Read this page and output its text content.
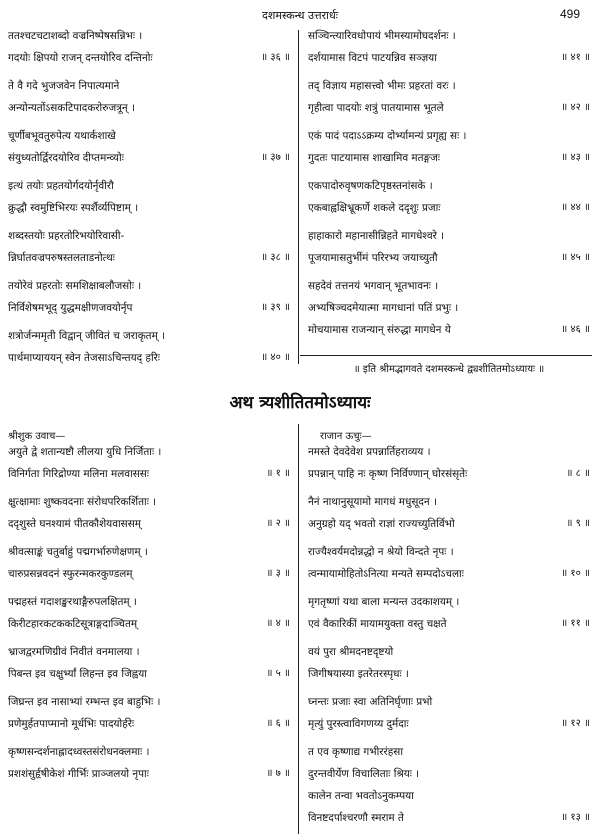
दशमस्कन्ध उत्तरार्धः	499
ततश्चटचटाशब्दो वज्रनिष्पेषसन्निभः ।
गदयोः क्षिपयो राजन् दन्तयोरिव दन्तिनोः	॥ ३६ ॥
ते वै गदे भुजजवेन निपात्यमाने
अन्योन्यतोंऽसकटिपादकरोरुजत्रून् ।
चूर्णीबभूवतुरुपेत्य यथार्कशाखे
संयुध्यतोर्द्विरदयोरिव दीप्तमन्व्योः	॥ ३७ ॥
इत्थं तयोः प्रहतयोर्गदयोर्नृवीरौ
क्रुद्धौ स्वमुष्टिभिरयः स्पर्शैर्व्यपिष्टाम् ।
शब्दस्तयोः प्रहरतोरिभयोरिवासी-
न्निर्घातवज्रपरुषस्तलताडनोत्थः	॥ ३८ ॥
तयोरेवं प्रहरतोः समशिक्षाबलौजसोः ।
निर्विशेषमभूद् युद्धमक्षीणजवयोर्नृप	॥ ३९ ॥
शत्रोर्जन्ममृती विद्वान् जीवितं च जराकृतम् ।
पार्थमाप्याययन् स्वेन तेजसाऽचिन्तयद् हरिः	॥ ४० ॥
सञ्चिन्त्यारिवधोपायं भीमस्यामोघदर्शनः ।
दर्शयामास विटपं पाटयन्निव सञ्ज्ञया	॥ ४१ ॥
तद् विज्ञाय महासत्त्वो भीमः प्रहरतां वरः ।
गृहीत्वा पादयोः शत्रुं पातयामास भूतले	॥ ४२ ॥
एकं पादं पदाऽऽक्रम्य दोर्भ्यामन्यं प्रगृह्य सः ।
गुदतः पाटयामास शाखामिव मतङ्गजः	॥ ४३ ॥
एकपादोरुवृषणकटिपृष्ठस्तनांसके ।
एकबाह्वक्षिभ्रूकर्णे शकले ददृशुः प्रजाः	॥ ४४ ॥
हाहाकारो महानासीन्निहते मागधेश्वरे ।
पूजयामासतुर्भीमं परिरभ्य जयाच्युतौ	॥ ४५ ॥
सहदेवं तत्तनयं भगवान् भूतभावनः ।
अभ्यषिञ्चदमेयात्मा मागधानां पतिं प्रभुः ।
मोचयामास राजन्यान् संरुद्धा मागधेन ये	॥ ४६ ॥
॥ इति श्रीमद्भागवते दशमस्कन्धे द्व्यशीतितमोऽध्यायः ॥
अथ त्र्यशीतितमोऽध्यायः
श्रीशुक उवाच—	राजान ऊचुः—
अयुते द्वे शतान्यष्टौ लीलया युधि निर्जिताः ।
विनिर्गता गिरिद्रोण्या मलिना मलवाससः	॥ १ ॥
क्षुत्क्षामाः शुष्कवदनाः संरोधपरिकर्शिताः ।
ददृशुस्ते घनश्यामं पीतकौशेयवाससम्	॥ २ ॥
श्रीवत्साङ्कं चतुर्बाहुं पद्मगर्भारुणेक्षणम् ।
चारुप्रसन्नवदनं स्फुरन्मकरकुण्डलम्	॥ ३ ॥
पद्महस्तं गदाशङ्खरथाङ्गैरुपलक्षितम् ।
किरीटहारकटककटिसूत्राङ्गदाञ्चितम्	॥ ४ ॥
भ्राजद्वरमणिग्रीवं निवीतं वनमालया ।
पिबन्त इव चक्षुर्भ्यां लिहन्त इव जिह्वया	॥ ५ ॥
जिघ्रन्त इव नासाभ्यां रम्भन्त इव बाहुभिः ।
प्रणेमुर्हतपाप्मानो मूर्धभिः पादयोर्हरेः	॥ ६ ॥
कृष्णसन्दर्शनाह्लादध्वस्तसंरोधनक्लमाः ।
प्रशशंसुर्हृषीकेशं गीर्भिः प्राञ्जलयो नृपाः	॥ ७ ॥
नमस्ते देवदेवेश प्रपन्नार्तिहराव्यय ।
प्रपन्नान् पाहि नः कृष्ण निर्विण्णान् घोरसंसृतेः	॥ ८ ॥
नैनं नाथानुसूयामो मागधं मधुसूदन ।
अनुग्रहो यद् भवतो राज्ञां राज्यच्युतिर्विभो	॥ ९ ॥
राज्यैश्वर्यमदोन्नद्धो न श्रेयो विन्दते नृपः ।
त्वन्मायामोहितोऽनित्या मन्यते सम्पदोऽचलाः	॥ १० ॥
मृगतृष्णां यथा बाला मन्यन्त उदकाशयम् ।
एवं वैकारिकीं मायामयुक्ता वस्तु चक्षते	॥ ११ ॥
वयं पुरा श्रीमदनष्टदृष्टयो
जिगीषयास्या इतरेतरस्पृधः ।
घ्नन्तः प्रजाः स्वा अतिनिर्घृणाः प्रभो
मृत्युं पुरस्त्वाविगणय्य दुर्मदाः	॥ १२ ॥
त एव कृष्णाद्य गभीररंहसा
दुरन्तवीर्येण विचालिताः श्रियः ।
कालेन तन्वा भवतोऽनुकम्पया
विनष्टदर्पाश्चरणौ स्मराम ते	॥ १३ ॥
